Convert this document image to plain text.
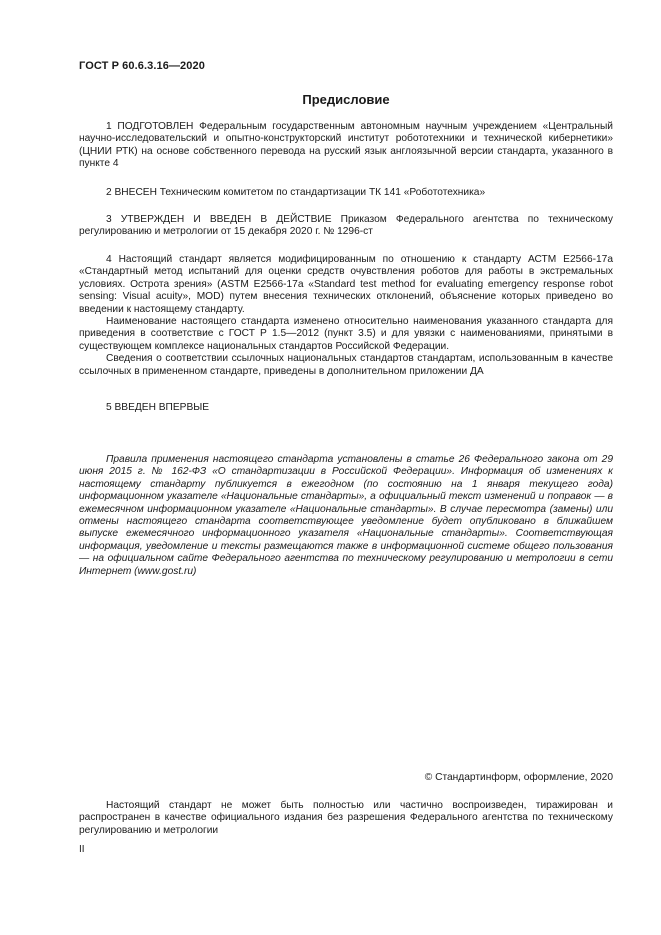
ГОСТ Р 60.6.3.16—2020
Предисловие

1 ПОДГОТОВЛЕН Федеральным государственным автономным научным учреждением «Центральный научно-исследовательский и опытно-конструкторский институт робототехники и технической кибернетики» (ЦНИИ РТК) на основе собственного перевода на русский язык англоязычной версии стандарта, указанного в пункте 4

2 ВНЕСЕН Техническим комитетом по стандартизации ТК 141 «Робототехника»

3 УТВЕРЖДЕН И ВВЕДЕН В ДЕЙСТВИЕ Приказом Федерального агентства по техническому регулированию и метрологии от 15 декабря 2020 г. № 1296-ст

4 Настоящий стандарт является модифицированным по отношению к стандарту АСТМ Е2566-17а «Стандартный метод испытаний для оценки средств очувствления роботов для работы в экстремальных условиях. Острота зрения» (ASTM E2566-17a «Standard test method for evaluating emergency response robot sensing: Visual acuity», MOD) путем внесения технических отклонений, объяснение которых приведено во введении к настоящему стандарту.

Наименование настоящего стандарта изменено относительно наименования указанного стандарта для приведения в соответствие с ГОСТ Р 1.5—2012 (пункт 3.5) и для увязки с наименованиями, принятыми в существующем комплексе национальных стандартов Российской Федерации.

Сведения о соответствии ссылочных национальных стандартов стандартам, использованным в качестве ссылочных в примененном стандарте, приведены в дополнительном приложении ДА

5 ВВЕДЕН ВПЕРВЫЕ

Правила применения настоящего стандарта установлены в статье 26 Федерального закона от 29 июня 2015 г. № 162-ФЗ «О стандартизации в Российской Федерации». Информация об изменениях к настоящему стандарту публикуется в ежегодном (по состоянию на 1 января текущего года) информационном указателе «Национальные стандарты», а официальный текст изменений и поправок — в ежемесячном информационном указателе «Национальные стандарты». В случае пересмотра (замены) или отмены настоящего стандарта соответствующее уведомление будет опубликовано в ближайшем выпуске ежемесячного информационного указателя «Национальные стандарты». Соответствующая информация, уведомление и тексты размещаются также в информационной системе общего пользования — на официальном сайте Федерального агентства по техническому регулированию и метрологии в сети Интернет (www.gost.ru)

© Стандартинформ, оформление, 2020

Настоящий стандарт не может быть полностью или частично воспроизведен, тиражирован и распространен в качестве официального издания без разрешения Федерального агентства по техническому регулированию и метрологии

II
